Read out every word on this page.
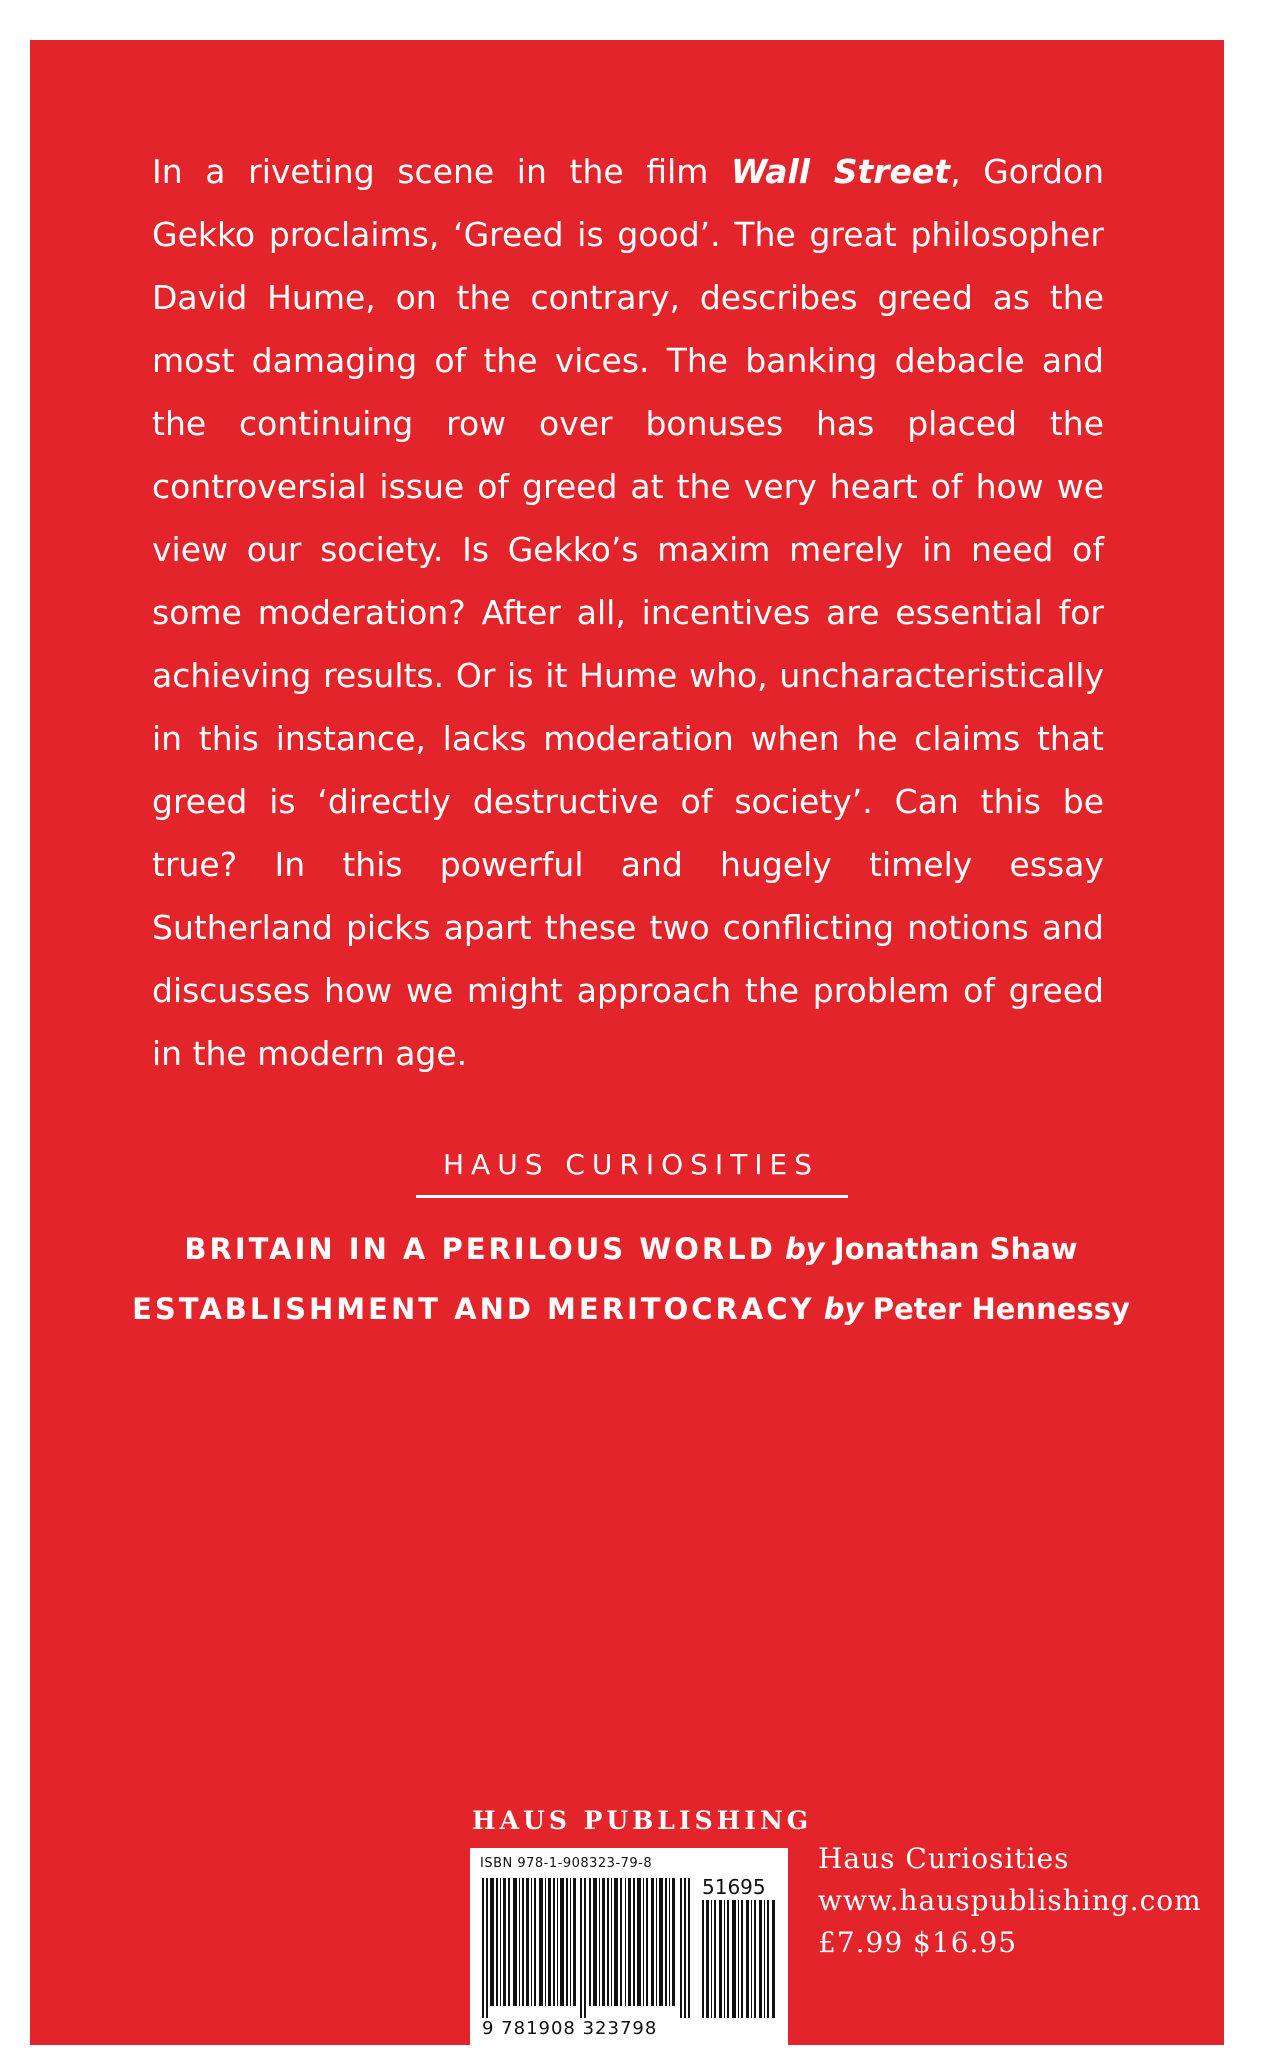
In a riveting scene in the film Wall Street, Gordon Gekko proclaims, ‘Greed is good’. The great philosopher David Hume, on the contrary, describes greed as the most damaging of the vices. The banking debacle and the continuing row over bonuses has placed the controversial issue of greed at the very heart of how we view our society. Is Gekko’s maxim merely in need of some moderation? After all, incentives are essential for achieving results. Or is it Hume who, uncharacteristically in this instance, lacks moderation when he claims that greed is ‘directly destructive of society’. Can this be true? In this powerful and hugely timely essay Sutherland picks apart these two conflicting notions and discusses how we might approach the problem of greed in the modern age.

HAUS CURIOSITIES
BRITAIN IN A PERILOUS WORLD by Jonathan Shaw
ESTABLISHMENT AND MERITOCRACY by Peter Hennessy
HAUS PUBLISHING
ISBN 978-1-908323-79-8
51695
9 781908 323798
Haus Curiosities
www.hauspublishing.com
£7.99 $16.95
